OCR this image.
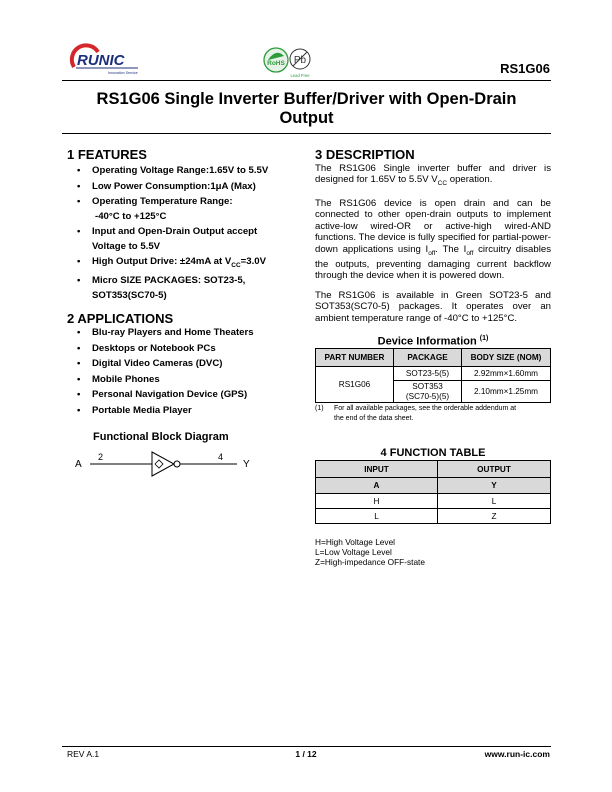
RUNIC
Innovation Service
RoHS Pb
Lead Free	RS1G06
RS1G06 Single Inverter Buffer/Driver with Open-Drain
Output
1 FEATURES
• Operating Voltage Range:1.65V to 5.5V
• Low Power Consumption:1μA (Max)
• Operating Temperature Range:
-40°C to +125°C
• Input and Open-Drain Output accept
Voltage to 5.5V
• High Output Drive: ±24mA at $V_{CC}=3.0V$
• Micro SIZE PACKAGES: SOT23-5,
SOT353(SC70-5)
2 APPLICATIONS
• Blu-ray Players and Home Theaters
• Desktops or Notebook PCs
• Digital Video Cameras (DVC)
• Mobile Phones
• Personal Navigation Device (GPS)
• Portable Media Player
Functional Block Diagram
A
2	4
Y
3 DESCRIPTION
The RS1G06 Single inverter buffer and driver is designed for 1.65V to 5.5V $V_{CC}$ operation.
The RS1G06 device is open drain and can be connected to other open-drain outputs to implement active-low wired-OR or active-high wired-AND functions. The device is fully specified for partial-power-down applications using $I_{off}$. The $I_{off}$ circuitry disables the outputs, preventing damaging current backflow through the device when it is powered down.
The RS1G06 is available in Green SOT23-5 and SOT353(SC70-5) packages. It operates over an ambient temperature range of -40°C to +125°C.
Device Information $^{(1)}$
PART NUMBER	PACKAGE	BODY SIZE (NOM)
RS1G06	SOT23-5(5)	2.92mm×1.60mm
	SOT353
(SC70-5)(5)	2.10mm×1.25mm
(1)	For all available packages, see the orderable addendum at
the end of the data sheet.
4 FUNCTION TABLE
INPUT	OUTPUT
A	Y
H	L
L	Z
H=High Voltage Level
L=Low Voltage Level
Z=High-impedance OFF-state
REV A.1	1 / 12	www.run-ic.com
